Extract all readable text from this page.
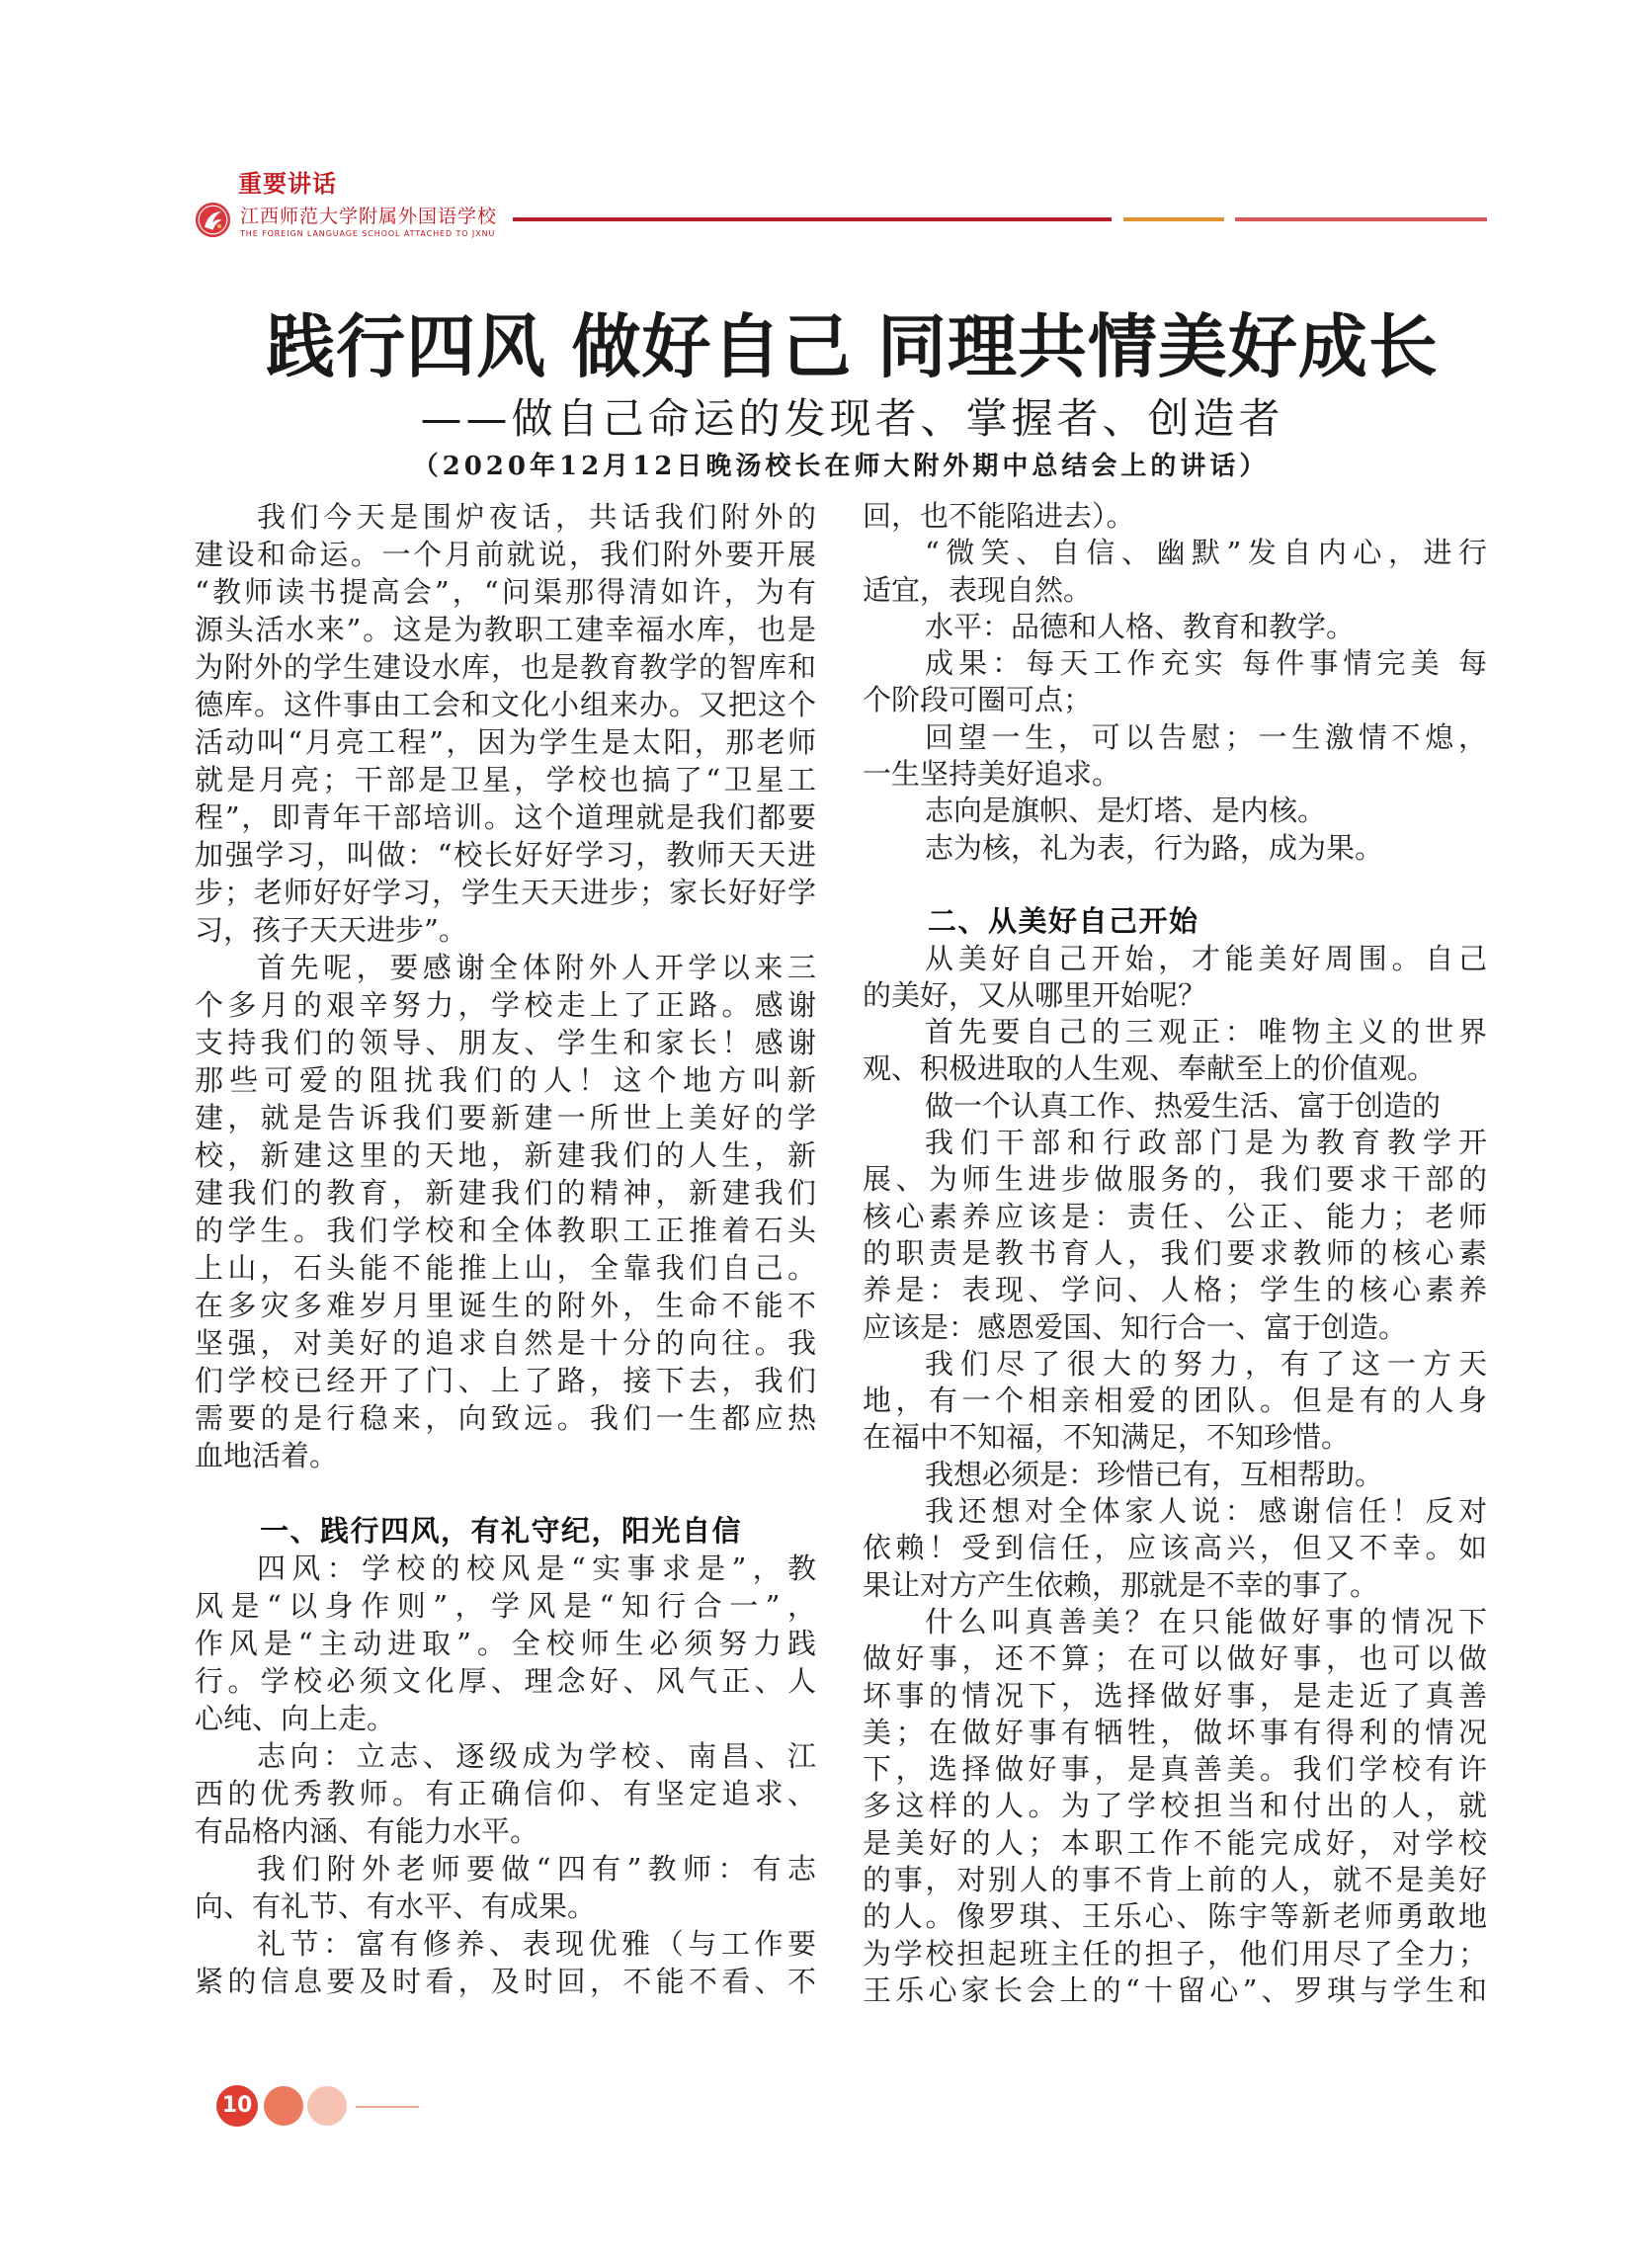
重要讲话
江西师范大学附属外国语学校
THE FOREIGN LANGUAGE SCHOOL ATTACHED TO JXNU
践行四风 做好自己 同理共情美好成长
——做自己命运的发现者、掌握者、创造者
（2020年12月12日晚汤校长在师大附外期中总结会上的讲话）
我们今天是围炉夜话，共话我们附外的
建设和命运。一个月前就说，我们附外要开展
“教师读书提高会”，“问渠那得清如许，为有
源头活水来”。这是为教职工建幸福水库，也是
为附外的学生建设水库，也是教育教学的智库和
德库。这件事由工会和文化小组来办。又把这个
活动叫“月亮工程”，因为学生是太阳，那老师
就是月亮；干部是卫星，学校也搞了“卫星工
程”，即青年干部培训。这个道理就是我们都要
加强学习，叫做：“校长好好学习，教师天天进
步；老师好好学习，学生天天进步；家长好好学
习，孩子天天进步”。
首先呢，要感谢全体附外人开学以来三
个多月的艰辛努力，学校走上了正路。感谢
支持我们的领导、朋友、学生和家长！感谢
那些可爱的阻扰我们的人！这个地方叫新
建，就是告诉我们要新建一所世上美好的学
校，新建这里的天地，新建我们的人生，新
建我们的教育，新建我们的精神，新建我们
的学生。我们学校和全体教职工正推着石头
上山，石头能不能推上山，全靠我们自己。
在多灾多难岁月里诞生的附外，生命不能不
坚强，对美好的追求自然是十分的向往。我
们学校已经开了门、上了路，接下去，我们
需要的是行稳来，向致远。我们一生都应热
血地活着。
一、践行四风，有礼守纪，阳光自信
四风：学校的校风是“实事求是”，教
风是“以身作则”，学风是“知行合一”，
作风是“主动进取”。全校师生必须努力践
行。学校必须文化厚、理念好、风气正、人
心纯、向上走。
志向：立志、逐级成为学校、南昌、江
西的优秀教师。有正确信仰、有坚定追求、
有品格内涵、有能力水平。
我们附外老师要做“四有”教师：有志
向、有礼节、有水平、有成果。
礼节：富有修养、表现优雅（与工作要
紧的信息要及时看，及时回，不能不看、不
回，也不能陷进去）。
“微笑、自信、幽默”发自内心，进行
适宜，表现自然。
水平：品德和人格、教育和教学。
成果：每天工作充实 每件事情完美 每
个阶段可圈可点；
回望一生，可以告慰；一生激情不熄，
一生坚持美好追求。
志向是旗帜、是灯塔、是内核。
志为核，礼为表，行为路，成为果。
二、从美好自己开始
从美好自己开始，才能美好周围。自己
的美好，又从哪里开始呢？
首先要自己的三观正：唯物主义的世界
观、积极进取的人生观、奉献至上的价值观。
做一个认真工作、热爱生活、富于创造的
我们干部和行政部门是为教育教学开
展、为师生进步做服务的，我们要求干部的
核心素养应该是：责任、公正、能力；老师
的职责是教书育人，我们要求教师的核心素
养是：表现、学问、人格；学生的核心素养
应该是：感恩爱国、知行合一、富于创造。
我们尽了很大的努力，有了这一方天
地，有一个相亲相爱的团队。但是有的人身
在福中不知福，不知满足，不知珍惜。
我想必须是：珍惜已有，互相帮助。
我还想对全体家人说：感谢信任！反对
依赖！受到信任，应该高兴，但又不幸。如
果让对方产生依赖，那就是不幸的事了。
什么叫真善美？在只能做好事的情况下
做好事，还不算；在可以做好事，也可以做
坏事的情况下，选择做好事，是走近了真善
美；在做好事有牺牲，做坏事有得利的情况
下，选择做好事，是真善美。我们学校有许
多这样的人。为了学校担当和付出的人，就
是美好的人；本职工作不能完成好，对学校
的事，对别人的事不肯上前的人，就不是美好
的人。像罗琪、王乐心、陈宇等新老师勇敢地
为学校担起班主任的担子，他们用尽了全力；
王乐心家长会上的“十留心”、罗琪与学生和
10
